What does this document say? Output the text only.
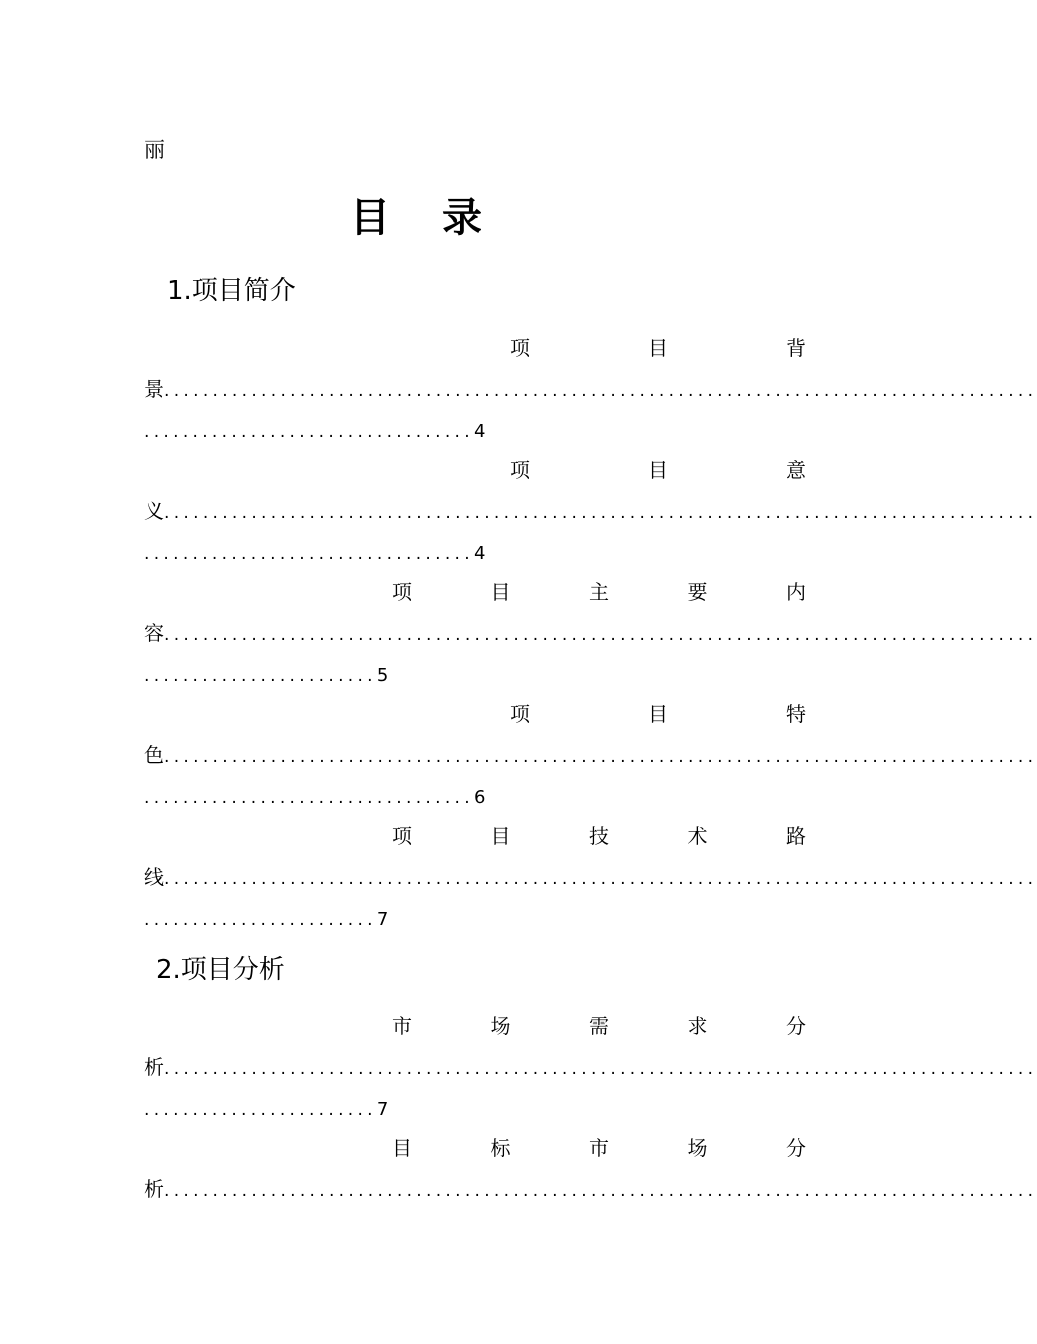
丽
目录
1.项目简介
2.项目分析
项	目	背
景..........................................................................................
..................................4
项	目	意
义..........................................................................................
..................................4
项	目	主	要	内
容..........................................................................................
........................5
项	目	特
色..........................................................................................
..................................6
项	目	技	术	路
线..........................................................................................
........................7
市	场	需	求	分
析..........................................................................................
........................7
目	标	市	场	分
析..........................................................................................
